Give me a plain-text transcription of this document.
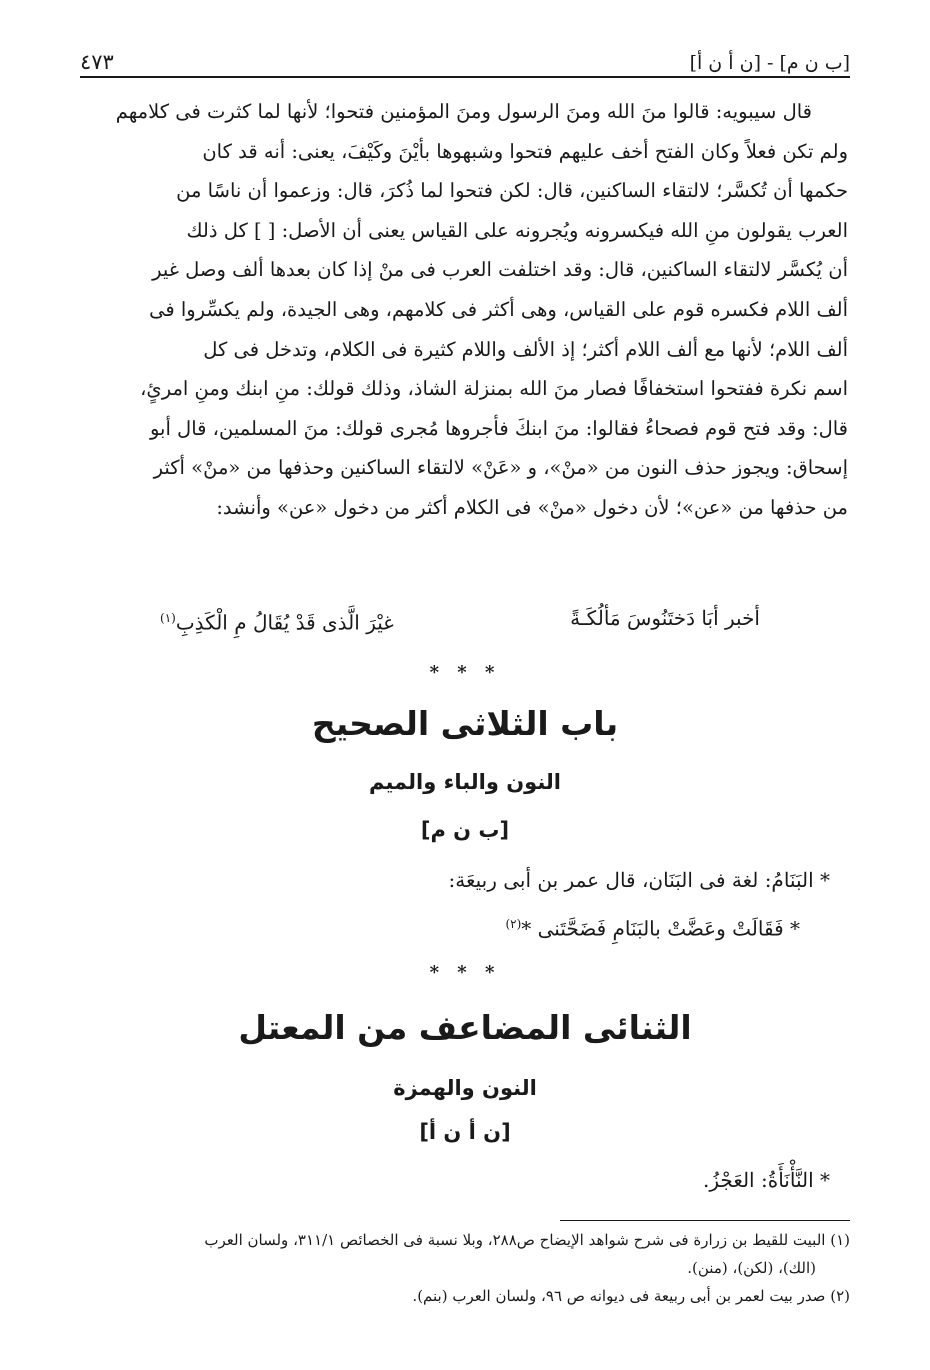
[ب ن م] - [ن أ ن أ]
٤٧٣

قال سيبويه: قالوا منَ الله ومنَ الرسول ومنَ المؤمنين فتحوا؛ لأنها لما كثرت فى كلامهم

ولم تكن فعلاً وكان الفتح أخف عليهم فتحوا وشبهوها بأيْنَ وكَيْفَ، يعنى: أنه قد كان
حكمها أن تُكسَّر؛ لالتقاء الساكنين، قال: لكن فتحوا لما ذُكرَ، قال: وزعموا أن ناسًا من
العرب يقولون منِ الله فيكسرونه ويُجرونه على القياس يعنى أن الأصل: [ ] كل ذلك
أن يُكسَّر لالتقاء الساكنين، قال: وقد اختلفت العرب فى منْ إذا كان بعدها ألف وصل غير
ألف اللام فكسره قوم على القياس، وهى أكثر فى كلامهم، وهى الجيدة، ولم يكسِّروا فى
ألف اللام؛ لأنها مع ألف اللام أكثر؛ إذ الألف واللام كثيرة فى الكلام، وتدخل فى كل
اسم نكرة ففتحوا استخفافًا فصار منَ الله بمنزلة الشاذ، وذلك قولك: منِ ابنك ومنِ امرئٍ،
قال: وقد فتح قوم فصحاءُ فقالوا: منَ ابنكَ فأجروها مُجرى قولك: منَ المسلمين، قال أبو
إسحاق: ويجوز حذف النون من «منْ»، و «عَنْ» لالتقاء الساكنين وحذفها من «منْ» أكثر
من حذفها من «عن»؛ لأن دخول «منْ» فى الكلام أكثر من دخول «عن» وأنشد:
أخبر أبَا دَختَنُوسَ مَألُكَـةً
غيْرَ الَّذى قَدْ يُقَالُ مِ الْكَذِبِ$^{(١)}$
* * *
باب الثلاثى الصحيح
النون والباء والميم
[ب ن م]
* البَنَامُ: لغة فى البَنَان، قال عمر بن أبى ربيعَة:
* فَقَالَتْ وعَضَّتْ بالبَنَامِ فَضَحَّتَنى *$^{(٢)}$
* * *
الثنائى المضاعف من المعتل
النون والهمزة
[ن أ ن أ]
* النَّأْنَأَةُ: العَجْزُ.

(١) البيت للقيط بن زرارة فى شرح شواهد الإيضاح ص٢٨٨، وبلا نسبة فى الخصائص ٣١١/١، ولسان العرب

(الك)، (لكن)، (منن).

(٢) صدر بيت لعمر بن أبى ربيعة فى ديوانه ص ٩٦، ولسان العرب (بنم).
